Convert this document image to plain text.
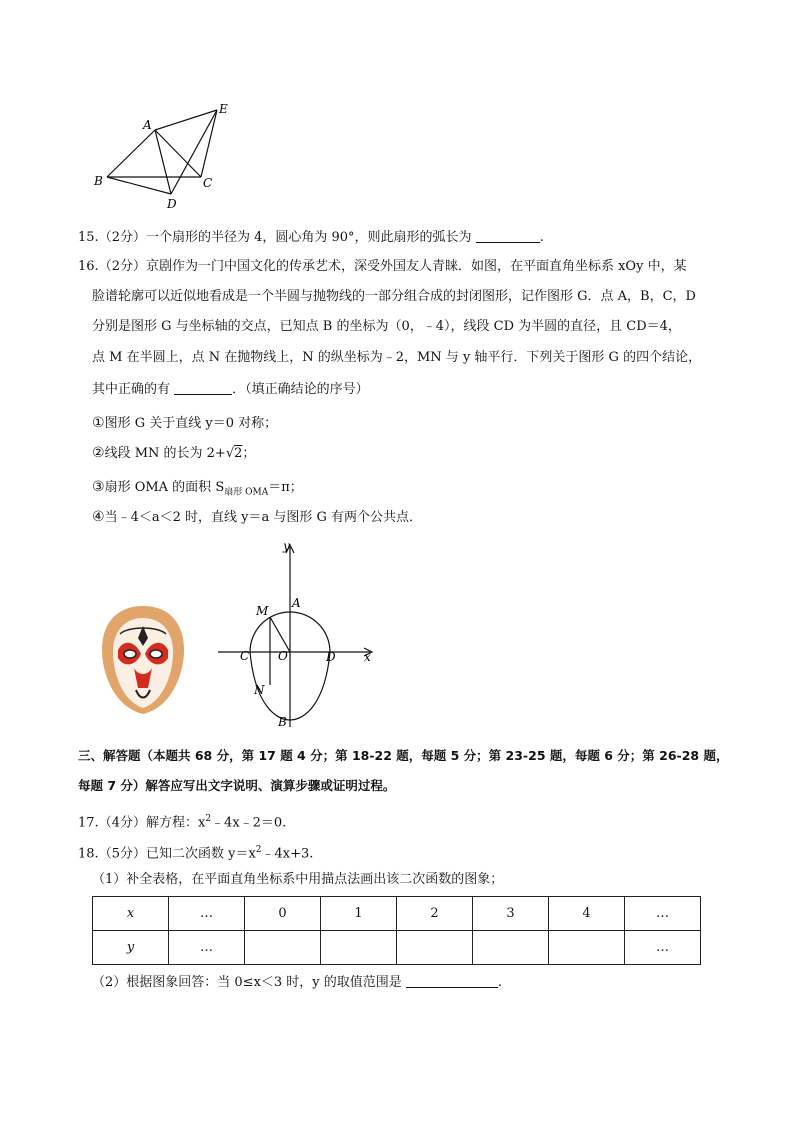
A
E
B	C
D
15.（2分）一个扇形的半径为 4，圆心角为 90°，则此扇形的弧长为	.
16.（2分）京剧作为一门中国文化的传承艺术，深受外国友人青睐．如图，在平面直角坐标系 xOy 中，某
脸谱轮廓可以近似地看成是一个半圆与抛物线的一部分组合成的封闭图形，记作图形 G．点 A，B，C，D
分别是图形 G 与坐标轴的交点，已知点 B 的坐标为（0，﹣4），线段 CD 为半圆的直径，且 CD＝4，
点 M 在半圆上，点 N 在抛物线上，N 的纵坐标为﹣2，MN 与 y 轴平行．下列关于图形 G 的四个结论，
其中正确的有	．（填正确结论的序号）
①图形 G 关于直线 y＝0 对称；
②线段 MN 的长为 2+√2；
③扇形 OMA 的面积 $S_{扇形 OMA}=\pi$；
④当﹣4＜a＜2 时，直线 y＝a 与图形 G 有两个公共点．
y
x
A
M
C O	D
N
B
三、解答题（本题共 68 分，第 17 题 4 分；第 18-22 题，每题 5 分；第 23-25 题，每题 6 分；第 26-28 题，
每题 7 分）解答应写出文字说明、演算步骤或证明过程。
17.（4分）解方程：$x^2﹣4x﹣2=0$.
18.（5分）已知二次函数 $y=x^2﹣4x+3$.
（1）补全表格，在平面直角坐标系中用描点法画出该二次函数的图象；
x	…	0	1	2	3	4	…
y	…						…
（2）根据图象回答：当 0≤x＜3 时，y 的取值范围是	.
